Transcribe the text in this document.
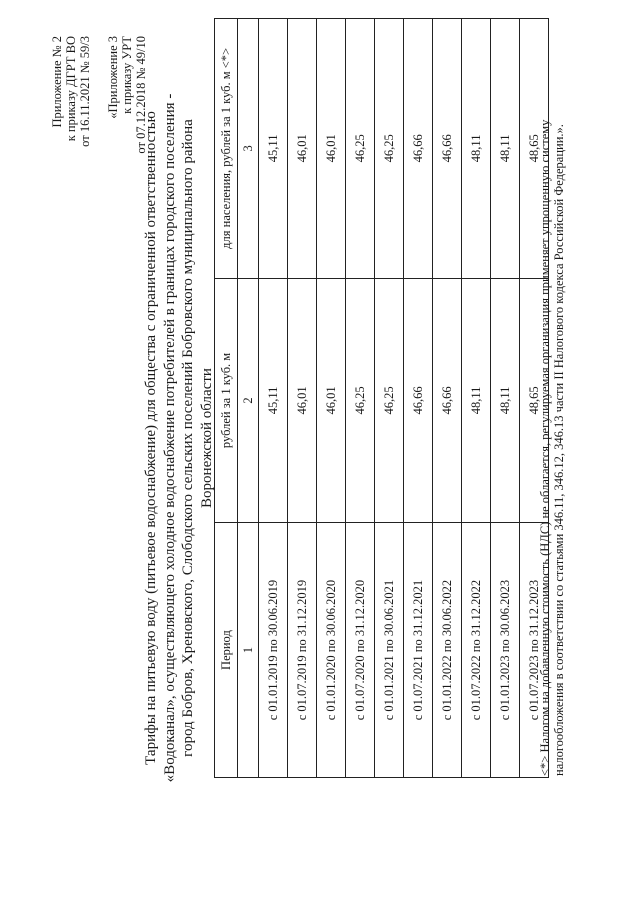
Приложение № 2 к приказу ДГРТ ВО от 16.11.2021 № 59/3 «Приложение 3 к приказу УРТ от 07.12.2018 № 49/10
Тарифы на питьевую воду (питьевое водоснабжение) для общества с ограниченной ответственностью «Водоканал», осуществляющего холодное водоснабжение потребителей в границах городского поселения - город Бобров, Хреновского, Слободского сельских поселений Бобровского муниципального района Воронежской области
Период	рублей за 1 куб. м	для населения, рублей за 1 куб. м <*>
1	2	3
с 01.01.2019 по 30.06.2019	45,11	45,11
с 01.07.2019 по 31.12.2019	46,01	46,01
с 01.01.2020 по 30.06.2020	46,01	46,01
с 01.07.2020 по 31.12.2020	46,25	46,25
с 01.01.2021 по 30.06.2021	46,25	46,25
с 01.07.2021 по 31.12.2021	46,66	46,66
с 01.01.2022 по 30.06.2022	46,66	46,66
с 01.07.2022 по 31.12.2022	48,11	48,11
с 01.01.2023 по 30.06.2023	48,11	48,11
с 01.07.2023 по 31.12.2023	48,65	48,65
<*> Налогом на добавленную стоимость (НДС) не облагается, регулируемая организация применяет упрощенную систему налогообложения в соответствии со статьями 346.11, 346.12, 346.13 части II Налогового кодекса Российской Федерации.».
